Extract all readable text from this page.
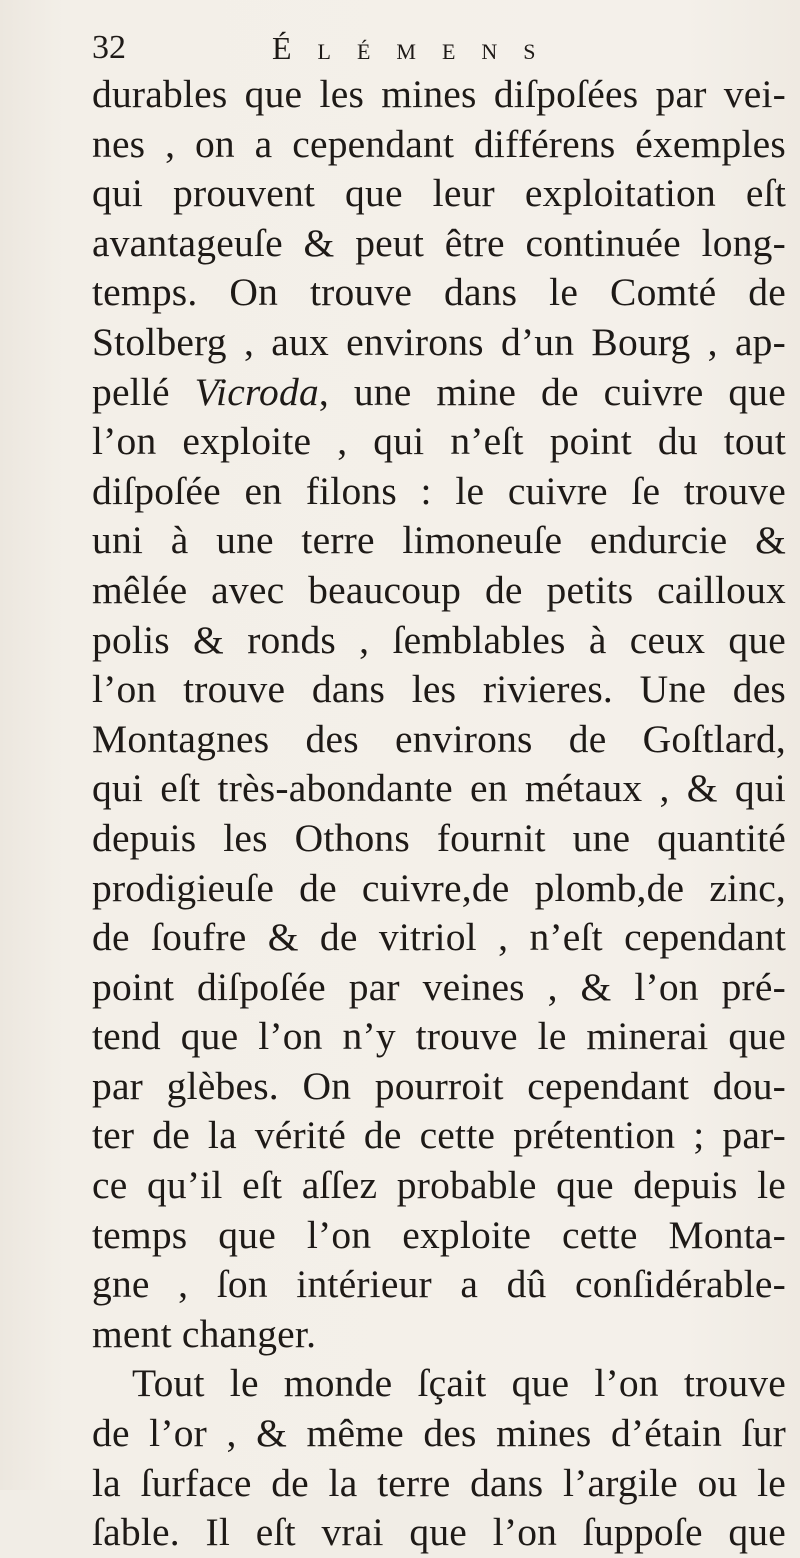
32	Élémens
durables que les mines diſpoſées par vei-
nes , on a cependant différens éxemples
qui prouvent que leur exploitation eſt
avantageuſe & peut être continuée long-
temps. On trouve dans le Comté de
Stolberg , aux environs d’un Bourg , ap-
pellé Vicroda, une mine de cuivre que
l’on exploite , qui n’eſt point du tout
diſpoſée en filons : le cuivre ſe trouve
uni à une terre limoneuſe endurcie &
mêlée avec beaucoup de petits cailloux
polis & ronds , ſemblables à ceux que
l’on trouve dans les rivieres. Une des
Montagnes des environs de Goſtlard,
qui eſt très-abondante en métaux , & qui
depuis les Othons fournit une quantité
prodigieuſe de cuivre,de plomb,de zinc,
de ſoufre & de vitriol , n’eſt cependant
point diſpoſée par veines , & l’on pré-
tend que l’on n’y trouve le minerai que
par glèbes. On pourroit cependant dou-
ter de la vérité de cette prétention ; par-
ce qu’il eſt aſſez probable que depuis le
temps que l’on exploite cette Monta-
gne , ſon intérieur a dû conſidérable-
ment changer.
Tout le monde ſçait que l’on trouve
de l’or , & même des mines d’étain ſur
la ſurface de la terre dans l’argile ou le
ſable. Il eſt vrai que l’on ſuppoſe que
